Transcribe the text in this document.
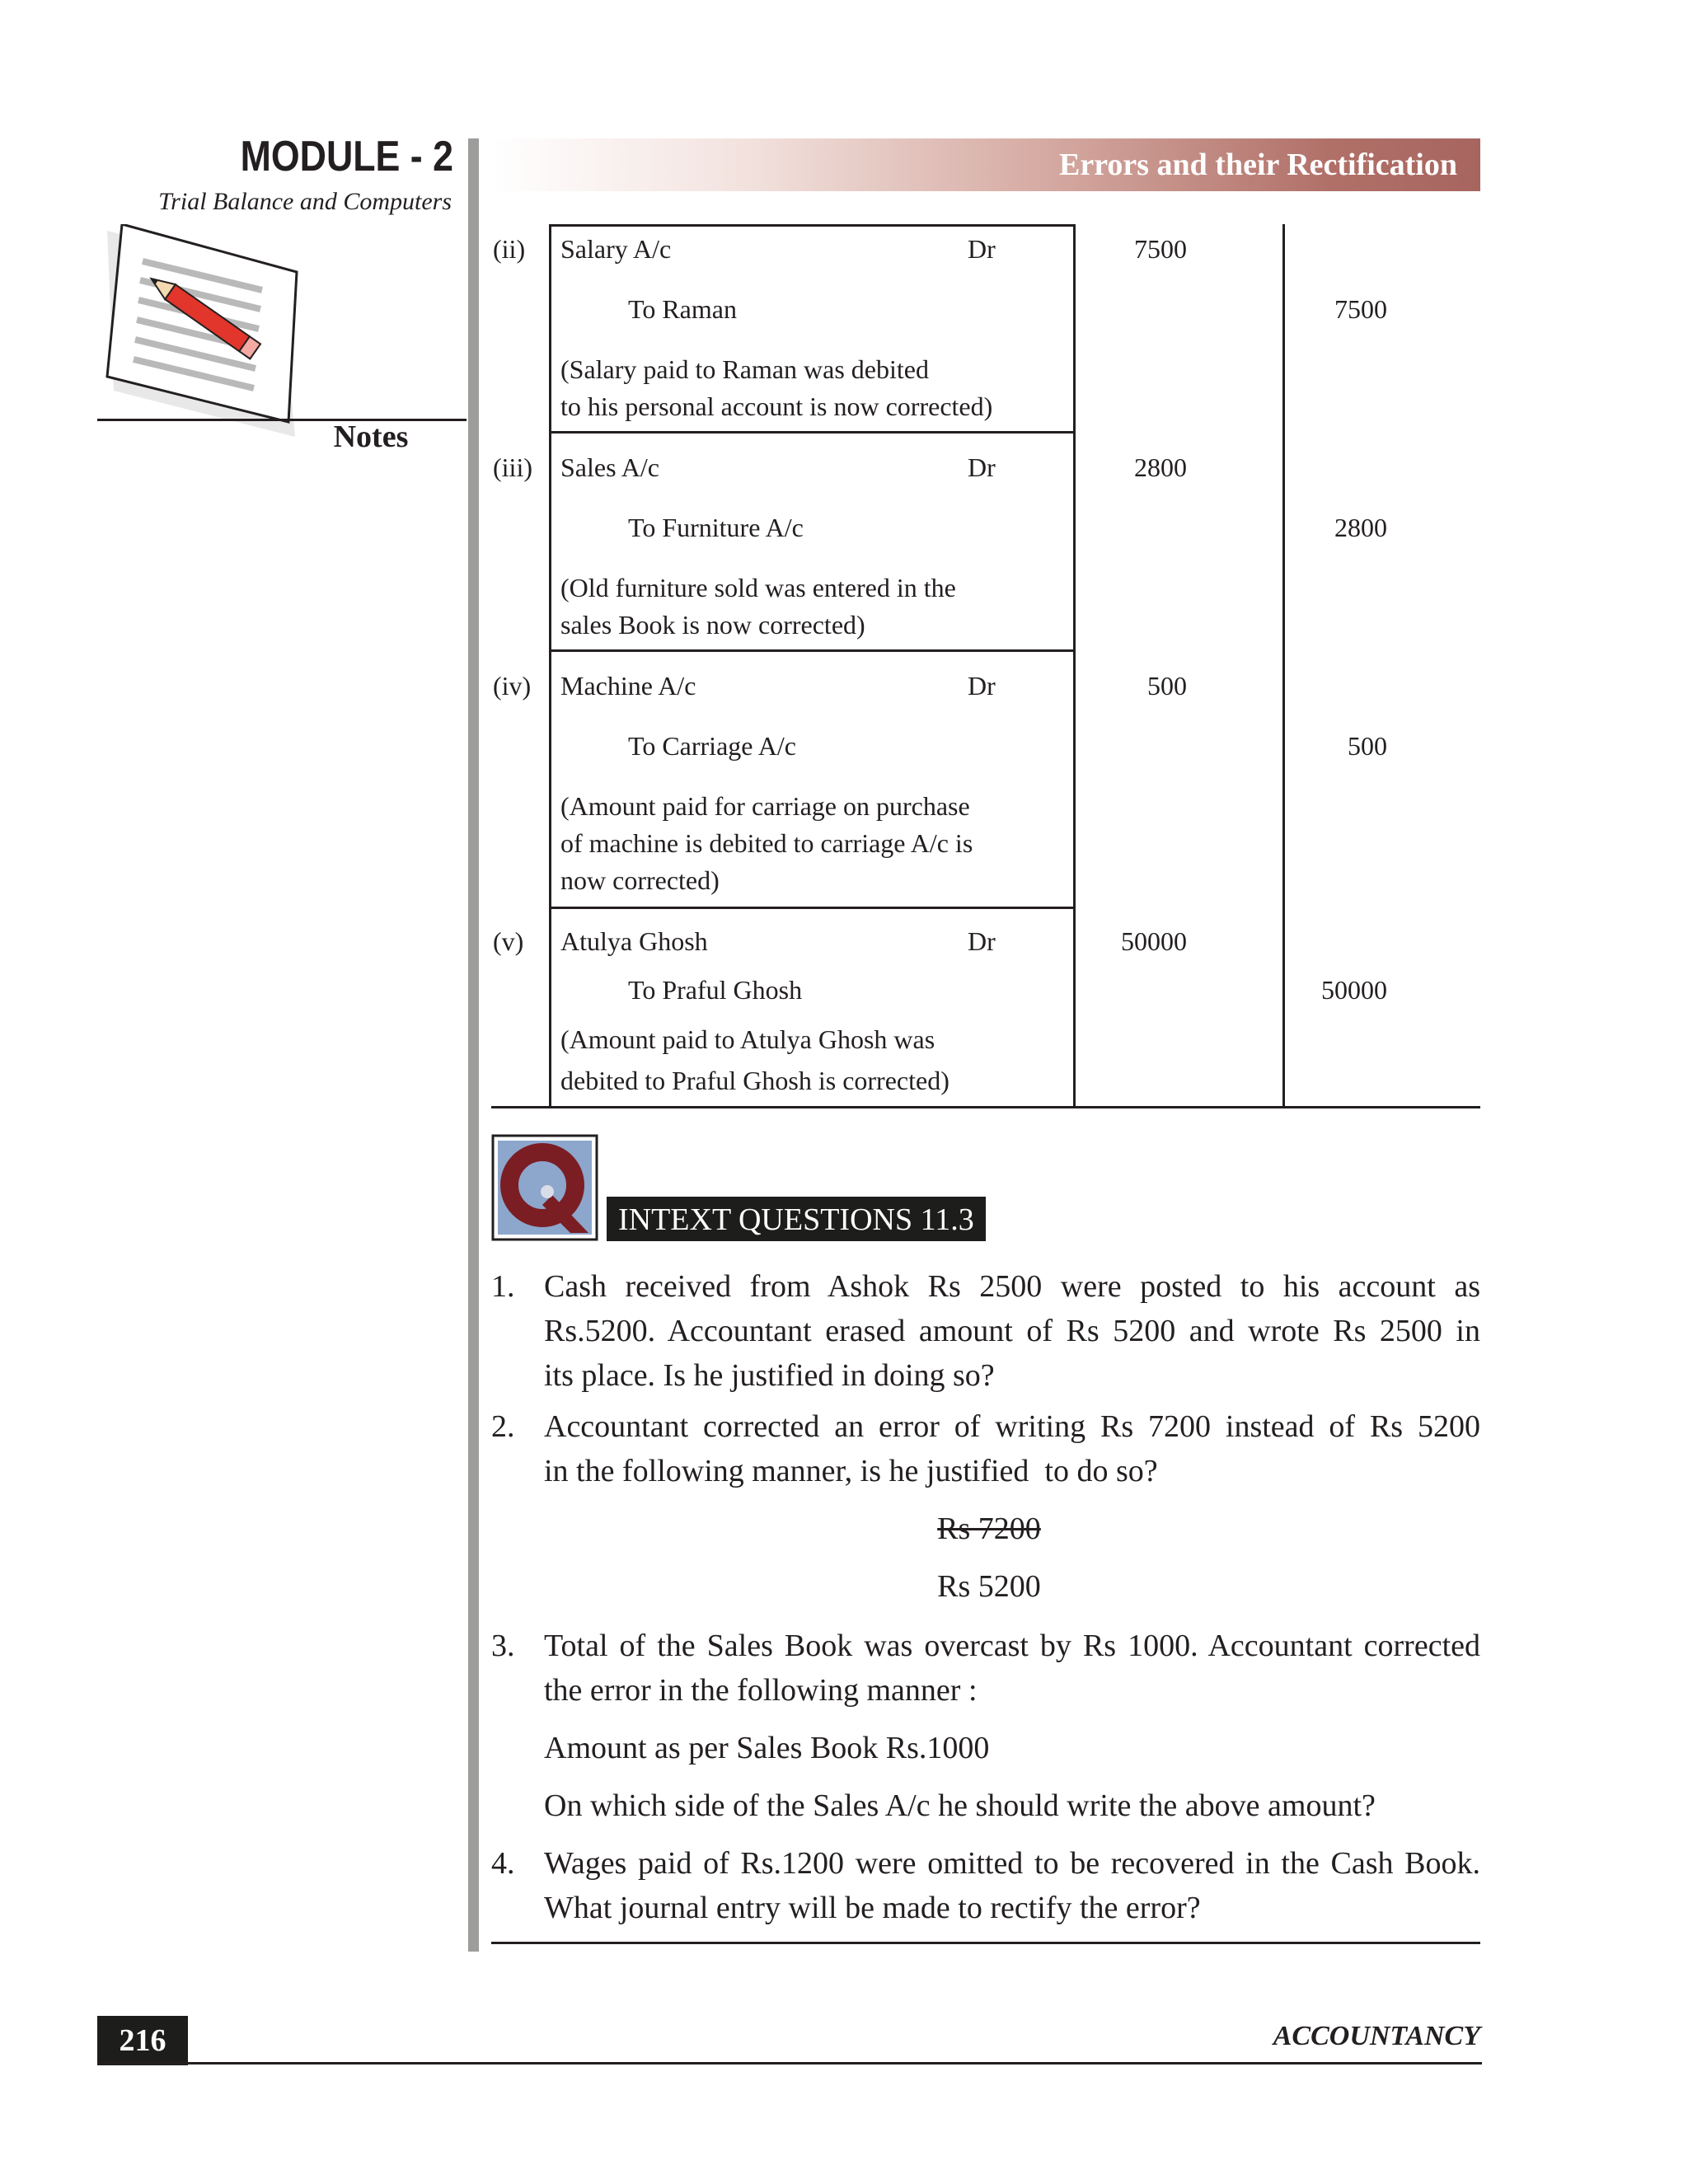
MODULE - 2
Trial Balance and Computers
Notes
Errors and their Rectification
(ii) Salary A/c	Dr	7500
To Raman	7500
(Salary paid to Raman was debited
to his personal account is now corrected)
(iii) Sales A/c	Dr	2800
To Furniture A/c	2800
(Old furniture sold was entered in the
sales Book is now corrected)
(iv) Machine A/c	Dr	500
To Carriage A/c	500
(Amount paid for carriage on purchase
of machine is debited to carriage A/c is
now corrected)
(v) Atulya Ghosh	Dr	50000
To Praful Ghosh	50000
(Amount paid to Atulya Ghosh was
debited to Praful Ghosh is corrected)
INTEXT QUESTIONS 11.3
1. Cash received from Ashok Rs 2500 were posted to his account as
Rs.5200. Accountant erased amount of Rs 5200 and wrote Rs 2500 in
its place. Is he justified in doing so?
2. Accountant corrected an error of writing Rs 7200 instead of Rs 5200
in the following manner, is he justified  to do so?
Rs 7200
Rs 5200
3. Total of the Sales Book was overcast by Rs 1000. Accountant corrected
the error in the following manner :
Amount as per Sales Book Rs.1000
On which side of the Sales A/c he should write the above amount?
4. Wages paid of Rs.1200 were omitted to be recovered in the Cash Book.
What journal entry will be made to rectify the error?
216	ACCOUNTANCY
